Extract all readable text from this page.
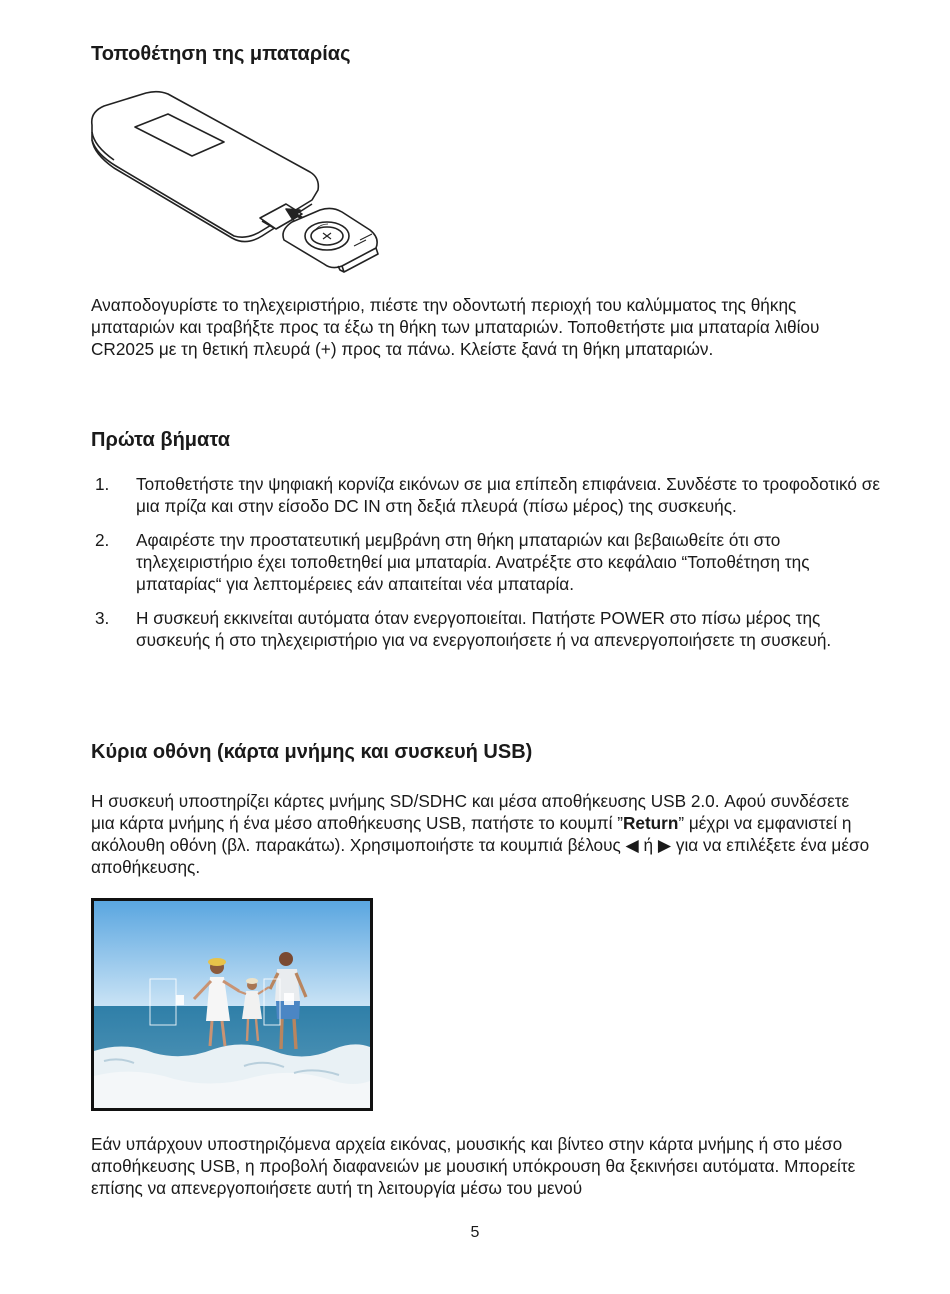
Τοποθέτηση της μπαταρίας

Αναποδογυρίστε το τηλεχειριστήριο, πιέστε την οδοντωτή περιοχή του καλύμματος της θήκης μπαταριών και τραβήξτε προς τα έξω τη θήκη των μπαταριών. Τοποθετήστε μια μπαταρία λιθίου CR2025 με τη θετική πλευρά (+) προς τα πάνω. Κλείστε ξανά τη θήκη μπαταριών.

Πρώτα βήματα
1. Τοποθετήστε την ψηφιακή κορνίζα εικόνων σε μια επίπεδη επιφάνεια. Συνδέστε το τροφοδοτικό σε μια πρίζα και στην είσοδο DC IN στη δεξιά πλευρά (πίσω μέρος) της συσκευής.
2. Αφαιρέστε την προστατευτική μεμβράνη στη θήκη μπαταριών και βεβαιωθείτε ότι στο τηλεχειριστήριο έχει τοποθετηθεί μια μπαταρία. Ανατρέξτε στο κεφάλαιο “Τοποθέτηση της μπαταρίας“ για λεπτομέρειες εάν απαιτείται νέα μπαταρία.
3. Η συσκευή εκκινείται αυτόματα όταν ενεργοποιείται. Πατήστε POWER στο πίσω μέρος της συσκευής ή στο τηλεχειριστήριο για να ενεργοποιήσετε ή να απενεργοποιήσετε τη συσκευή.
Κύρια οθόνη (κάρτα μνήμης και συσκευή USB)

Η συσκευή υποστηρίζει κάρτες μνήμης SD/SDHC και μέσα αποθήκευσης USB 2.0. Αφού συνδέσετε μια κάρτα μνήμης ή ένα μέσο αποθήκευσης USB, πατήστε το κουμπί ”Return” μέχρι να εμφανιστεί η ακόλουθη οθόνη (βλ. παρακάτω). Χρησιμοποιήστε τα κουμπιά βέλους ◀ ή ▶ για να επιλέξετε ένα μέσο αποθήκευσης.

Εάν υπάρχουν υποστηριζόμενα αρχεία εικόνας, μουσικής και βίντεο στην κάρτα μνήμης ή στο μέσο αποθήκευσης USB, η προβολή διαφανειών με μουσική υπόκρουση θα ξεκινήσει αυτόματα. Μπορείτε επίσης να απενεργοποιήσετε αυτή τη λειτουργία μέσω του μενού

5
